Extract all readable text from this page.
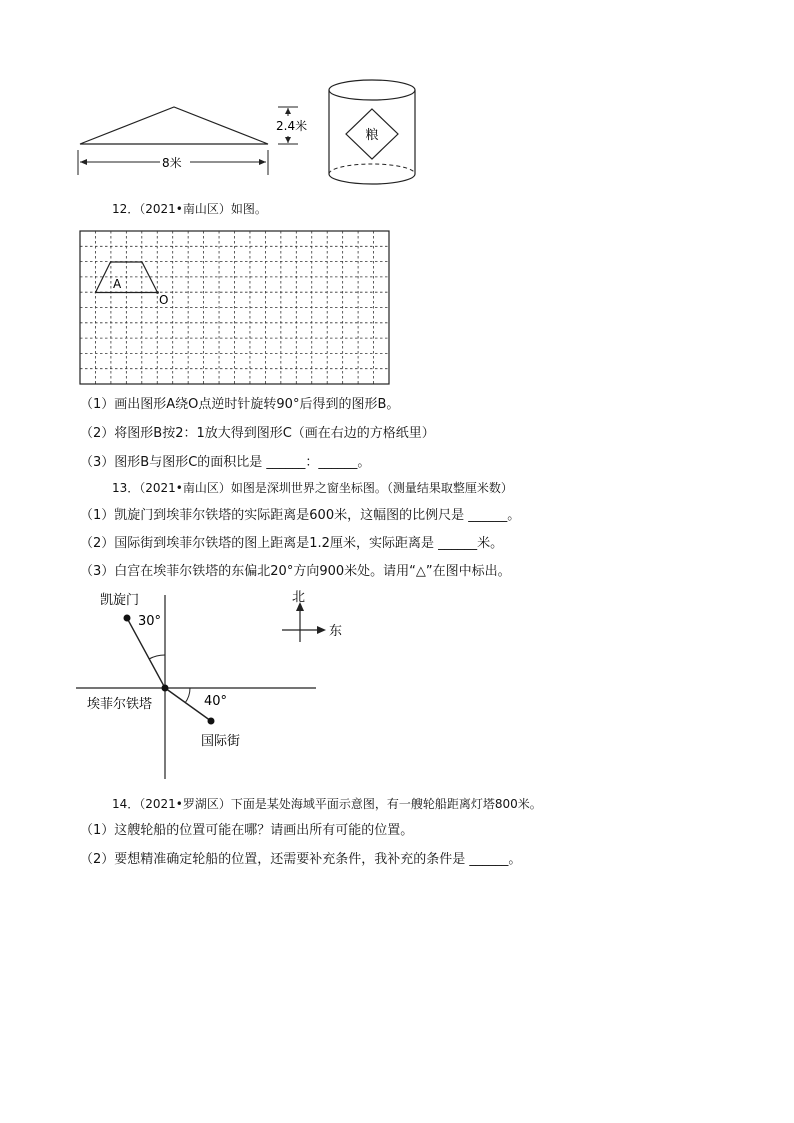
8米
2.4米
粮
12．（2021•南山区）如图。
A
O
（1）画出图形A绕O点逆时针旋转90°后得到的图形B。
（2）将图形B按2：1放大得到图形C（画在右边的方格纸里）
（3）图形B与图形C的面积比是 ______：______。
13．（2021•南山区）如图是深圳世界之窗坐标图。（测量结果取整厘米数）
（1）凯旋门到埃菲尔铁塔的实际距离是600米，这幅图的比例尺是 ______。
（2）国际街到埃菲尔铁塔的图上距离是1.2厘米，实际距离是 ______米。
（3）白宫在埃菲尔铁塔的东偏北20°方向900米处。请用“△”在图中标出。
凯旋门
30°
埃菲尔铁塔	40°
国际街
北
东
14．（2021•罗湖区）下面是某处海域平面示意图，有一艘轮船距离灯塔800米。
（1）这艘轮船的位置可能在哪？请画出所有可能的位置。
（2）要想精准确定轮船的位置，还需要补充条件，我补充的条件是 ______。
